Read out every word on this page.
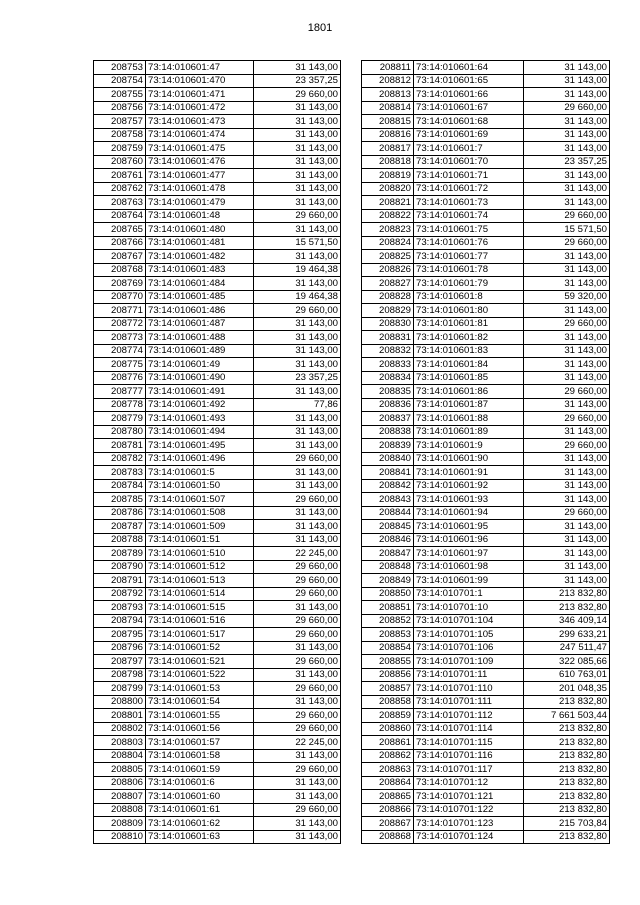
1801
208753	73:14:010601:47	31 143,00
208754	73:14:010601:470	23 357,25
208755	73:14:010601:471	29 660,00
208756	73:14:010601:472	31 143,00
208757	73:14:010601:473	31 143,00
208758	73:14:010601:474	31 143,00
208759	73:14:010601:475	31 143,00
208760	73:14:010601:476	31 143,00
208761	73:14:010601:477	31 143,00
208762	73:14:010601:478	31 143,00
208763	73:14:010601:479	31 143,00
208764	73:14:010601:48	29 660,00
208765	73:14:010601:480	31 143,00
208766	73:14:010601:481	15 571,50
208767	73:14:010601:482	31 143,00
208768	73:14:010601:483	19 464,38
208769	73:14:010601:484	31 143,00
208770	73:14:010601:485	19 464,38
208771	73:14:010601:486	29 660,00
208772	73:14:010601:487	31 143,00
208773	73:14:010601:488	31 143,00
208774	73:14:010601:489	31 143,00
208775	73:14:010601:49	31 143,00
208776	73:14:010601:490	23 357,25
208777	73:14:010601:491	31 143,00
208778	73:14:010601:492	77,86
208779	73:14:010601:493	31 143,00
208780	73:14:010601:494	31 143,00
208781	73:14:010601:495	31 143,00
208782	73:14:010601:496	29 660,00
208783	73:14:010601:5	31 143,00
208784	73:14:010601:50	31 143,00
208785	73:14:010601:507	29 660,00
208786	73:14:010601:508	31 143,00
208787	73:14:010601:509	31 143,00
208788	73:14:010601:51	31 143,00
208789	73:14:010601:510	22 245,00
208790	73:14:010601:512	29 660,00
208791	73:14:010601:513	29 660,00
208792	73:14:010601:514	29 660,00
208793	73:14:010601:515	31 143,00
208794	73:14:010601:516	29 660,00
208795	73:14:010601:517	29 660,00
208796	73:14:010601:52	31 143,00
208797	73:14:010601:521	29 660,00
208798	73:14:010601:522	31 143,00
208799	73:14:010601:53	29 660,00
208800	73:14:010601:54	31 143,00
208801	73:14:010601:55	29 660,00
208802	73:14:010601:56	29 660,00
208803	73:14:010601:57	22 245,00
208804	73:14:010601:58	31 143,00
208805	73:14:010601:59	29 660,00
208806	73:14:010601:6	31 143,00
208807	73:14:010601:60	31 143,00
208808	73:14:010601:61	29 660,00
208809	73:14:010601:62	31 143,00
208810	73:14:010601:63	31 143,00
208811	73:14:010601:64	31 143,00
208812	73:14:010601:65	31 143,00
208813	73:14:010601:66	31 143,00
208814	73:14:010601:67	29 660,00
208815	73:14:010601:68	31 143,00
208816	73:14:010601:69	31 143,00
208817	73:14:010601:7	31 143,00
208818	73:14:010601:70	23 357,25
208819	73:14:010601:71	31 143,00
208820	73:14:010601:72	31 143,00
208821	73:14:010601:73	31 143,00
208822	73:14:010601:74	29 660,00
208823	73:14:010601:75	15 571,50
208824	73:14:010601:76	29 660,00
208825	73:14:010601:77	31 143,00
208826	73:14:010601:78	31 143,00
208827	73:14:010601:79	31 143,00
208828	73:14:010601:8	59 320,00
208829	73:14:010601:80	31 143,00
208830	73:14:010601:81	29 660,00
208831	73:14:010601:82	31 143,00
208832	73:14:010601:83	31 143,00
208833	73:14:010601:84	31 143,00
208834	73:14:010601:85	31 143,00
208835	73:14:010601:86	29 660,00
208836	73:14:010601:87	31 143,00
208837	73:14:010601:88	29 660,00
208838	73:14:010601:89	31 143,00
208839	73:14:010601:9	29 660,00
208840	73:14:010601:90	31 143,00
208841	73:14:010601:91	31 143,00
208842	73:14:010601:92	31 143,00
208843	73:14:010601:93	31 143,00
208844	73:14:010601:94	29 660,00
208845	73:14:010601:95	31 143,00
208846	73:14:010601:96	31 143,00
208847	73:14:010601:97	31 143,00
208848	73:14:010601:98	31 143,00
208849	73:14:010601:99	31 143,00
208850	73:14:010701:1	213 832,80
208851	73:14:010701:10	213 832,80
208852	73:14:010701:104	346 409,14
208853	73:14:010701:105	299 633,21
208854	73:14:010701:106	247 511,47
208855	73:14:010701:109	322 085,66
208856	73:14:010701:11	610 763,01
208857	73:14:010701:110	201 048,35
208858	73:14:010701:111	213 832,80
208859	73:14:010701:112	7 661 503,44
208860	73:14:010701:114	213 832,80
208861	73:14:010701:115	213 832,80
208862	73:14:010701:116	213 832,80
208863	73:14:010701:117	213 832,80
208864	73:14:010701:12	213 832,80
208865	73:14:010701:121	213 832,80
208866	73:14:010701:122	213 832,80
208867	73:14:010701:123	215 703,84
208868	73:14:010701:124	213 832,80
